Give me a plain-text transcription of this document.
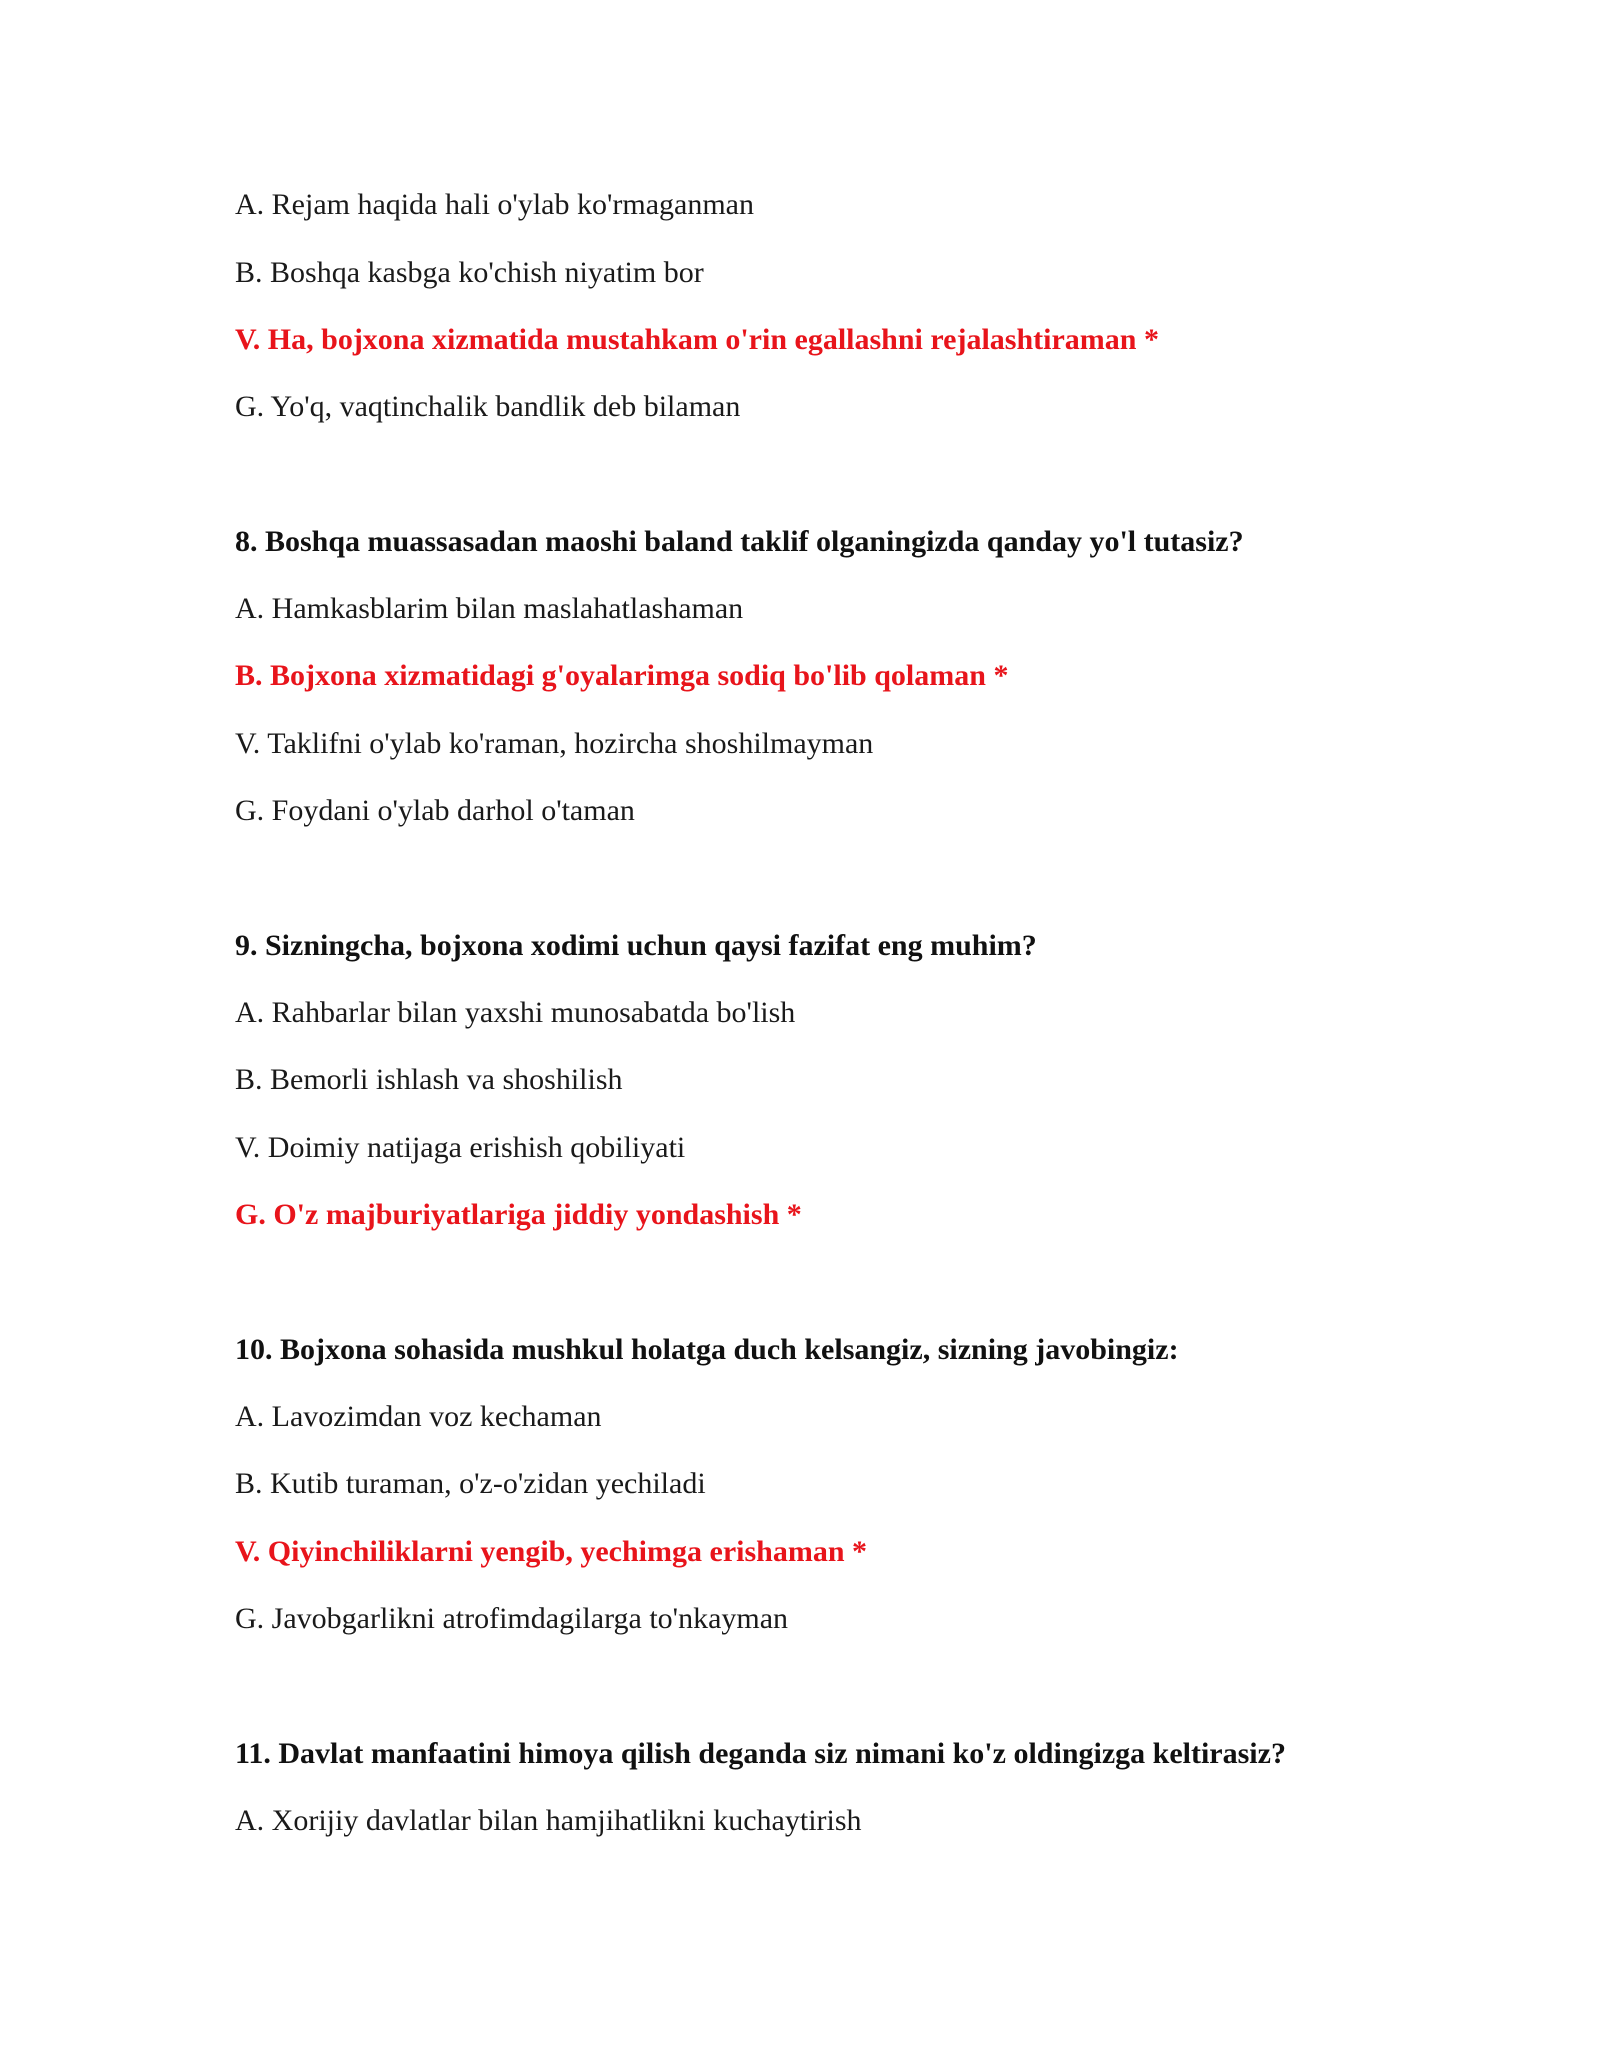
A. Rejam haqida hali o'ylab ko'rmaganman
B. Boshqa kasbga ko'chish niyatim bor
V. Ha, bojxona xizmatida mustahkam o'rin egallashni rejalashtiraman *
G. Yo'q, vaqtinchalik bandlik deb bilaman
8. Boshqa muassasadan maoshi baland taklif olganingizda qanday yo'l tutasiz?
A. Hamkasblarim bilan maslahatlashaman
B. Bojxona xizmatidagi g'oyalarimga sodiq bo'lib qolaman *
V. Taklifni o'ylab ko'raman, hozircha shoshilmayman
G. Foydani o'ylab darhol o'taman
9. Sizningcha, bojxona xodimi uchun qaysi fazifat eng muhim?
A. Rahbarlar bilan yaxshi munosabatda bo'lish
B. Bemorli ishlash va shoshilish
V. Doimiy natijaga erishish qobiliyati
G. O'z majburiyatlariga jiddiy yondashish *
10. Bojxona sohasida mushkul holatga duch kelsangiz, sizning javobingiz:
A. Lavozimdan voz kechaman
B. Kutib turaman, o'z-o'zidan yechiladi
V. Qiyinchiliklarni yengib, yechimga erishaman *
G. Javobgarlikni atrofimdagilarga to'nkayman
11. Davlat manfaatini himoya qilish deganda siz nimani ko'z oldingizga keltirasiz?
A. Xorijiy davlatlar bilan hamjihatlikni kuchaytirish
